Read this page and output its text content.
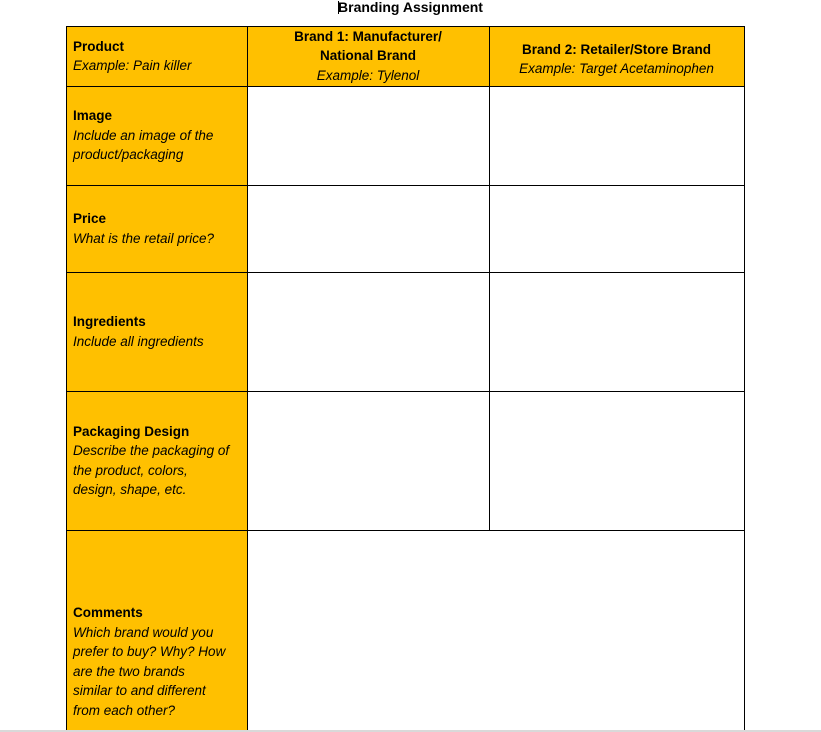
Branding Assignment
Product
Example: Pain killer
Brand 1: Manufacturer/
National Brand
Example: Tylenol
Brand 2: Retailer/Store Brand
Example: Target Acetaminophen
Image
Include an image of the
product/packaging
Price
What is the retail price?
Ingredients
Include all ingredients
Packaging Design
Describe the packaging of
the product, colors,
design, shape, etc.
Comments
Which brand would you
prefer to buy? Why? How
are the two brands
similar to and different
from each other?
